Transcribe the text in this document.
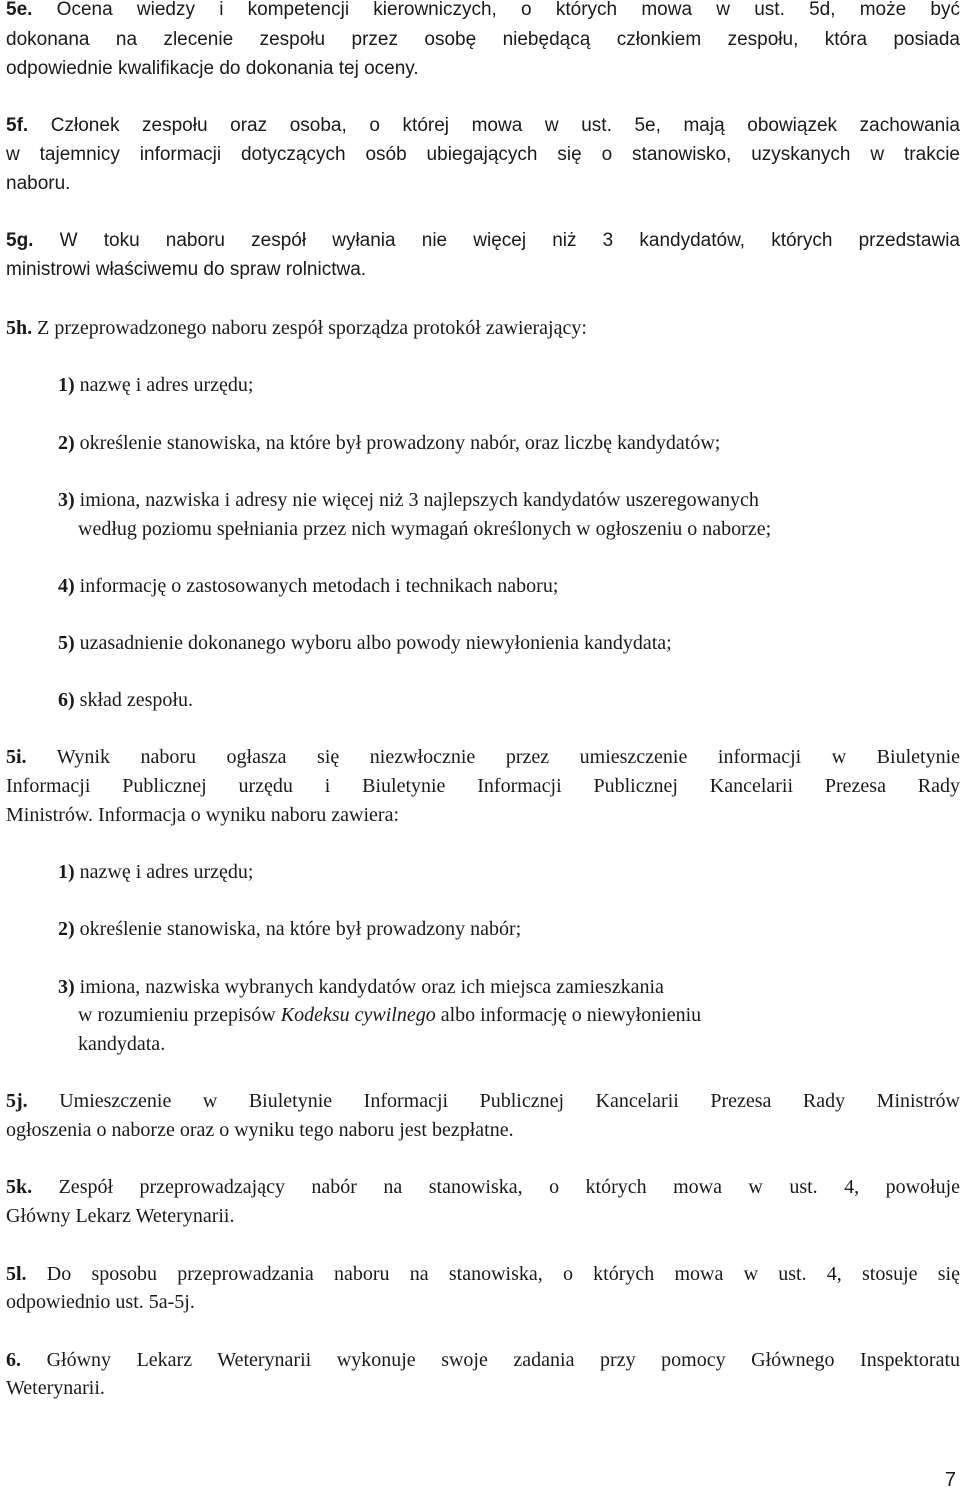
5e. Ocena wiedzy i kompetencji kierowniczych, o których mowa w ust. 5d, może być
dokonana na zlecenie zespołu przez osobę niebędącą członkiem zespołu, która posiada
odpowiednie kwalifikacje do dokonania tej oceny.
5f. Członek zespołu oraz osoba, o której mowa w ust. 5e, mają obowiązek zachowania
w tajemnicy informacji dotyczących osób ubiegających się o stanowisko, uzyskanych w trakcie
naboru.
5g. W toku naboru zespół wyłania nie więcej niż 3 kandydatów, których przedstawia
ministrowi właściwemu do spraw rolnictwa.
5h. Z przeprowadzonego naboru zespół sporządza protokół zawierający:
1) nazwę i adres urzędu;
2) określenie stanowiska, na które był prowadzony nabór, oraz liczbę kandydatów;
3) imiona, nazwiska i adresy nie więcej niż 3 najlepszych kandydatów uszeregowanych
według poziomu spełniania przez nich wymagań określonych w ogłoszeniu o naborze;
4) informację o zastosowanych metodach i technikach naboru;
5) uzasadnienie dokonanego wyboru albo powody niewyłonienia kandydata;
6) skład zespołu.
5i. Wynik naboru ogłasza się niezwłocznie przez umieszczenie informacji w Biuletynie
Informacji Publicznej urzędu i Biuletynie Informacji Publicznej Kancelarii Prezesa Rady
Ministrów. Informacja o wyniku naboru zawiera:
1) nazwę i adres urzędu;
2) określenie stanowiska, na które był prowadzony nabór;
3) imiona, nazwiska wybranych kandydatów oraz ich miejsca zamieszkania
w rozumieniu przepisów Kodeksu cywilnego albo informację o niewyłonieniu
kandydata.
5j. Umieszczenie w Biuletynie Informacji Publicznej Kancelarii Prezesa Rady Ministrów
ogłoszenia o naborze oraz o wyniku tego naboru jest bezpłatne.
5k. Zespół przeprowadzający nabór na stanowiska, o których mowa w ust. 4, powołuje
Główny Lekarz Weterynarii.
5l. Do sposobu przeprowadzania naboru na stanowiska, o których mowa w ust. 4, stosuje się
odpowiednio ust. 5a-5j.
6. Główny Lekarz Weterynarii wykonuje swoje zadania przy pomocy Głównego Inspektoratu
Weterynarii.
7
